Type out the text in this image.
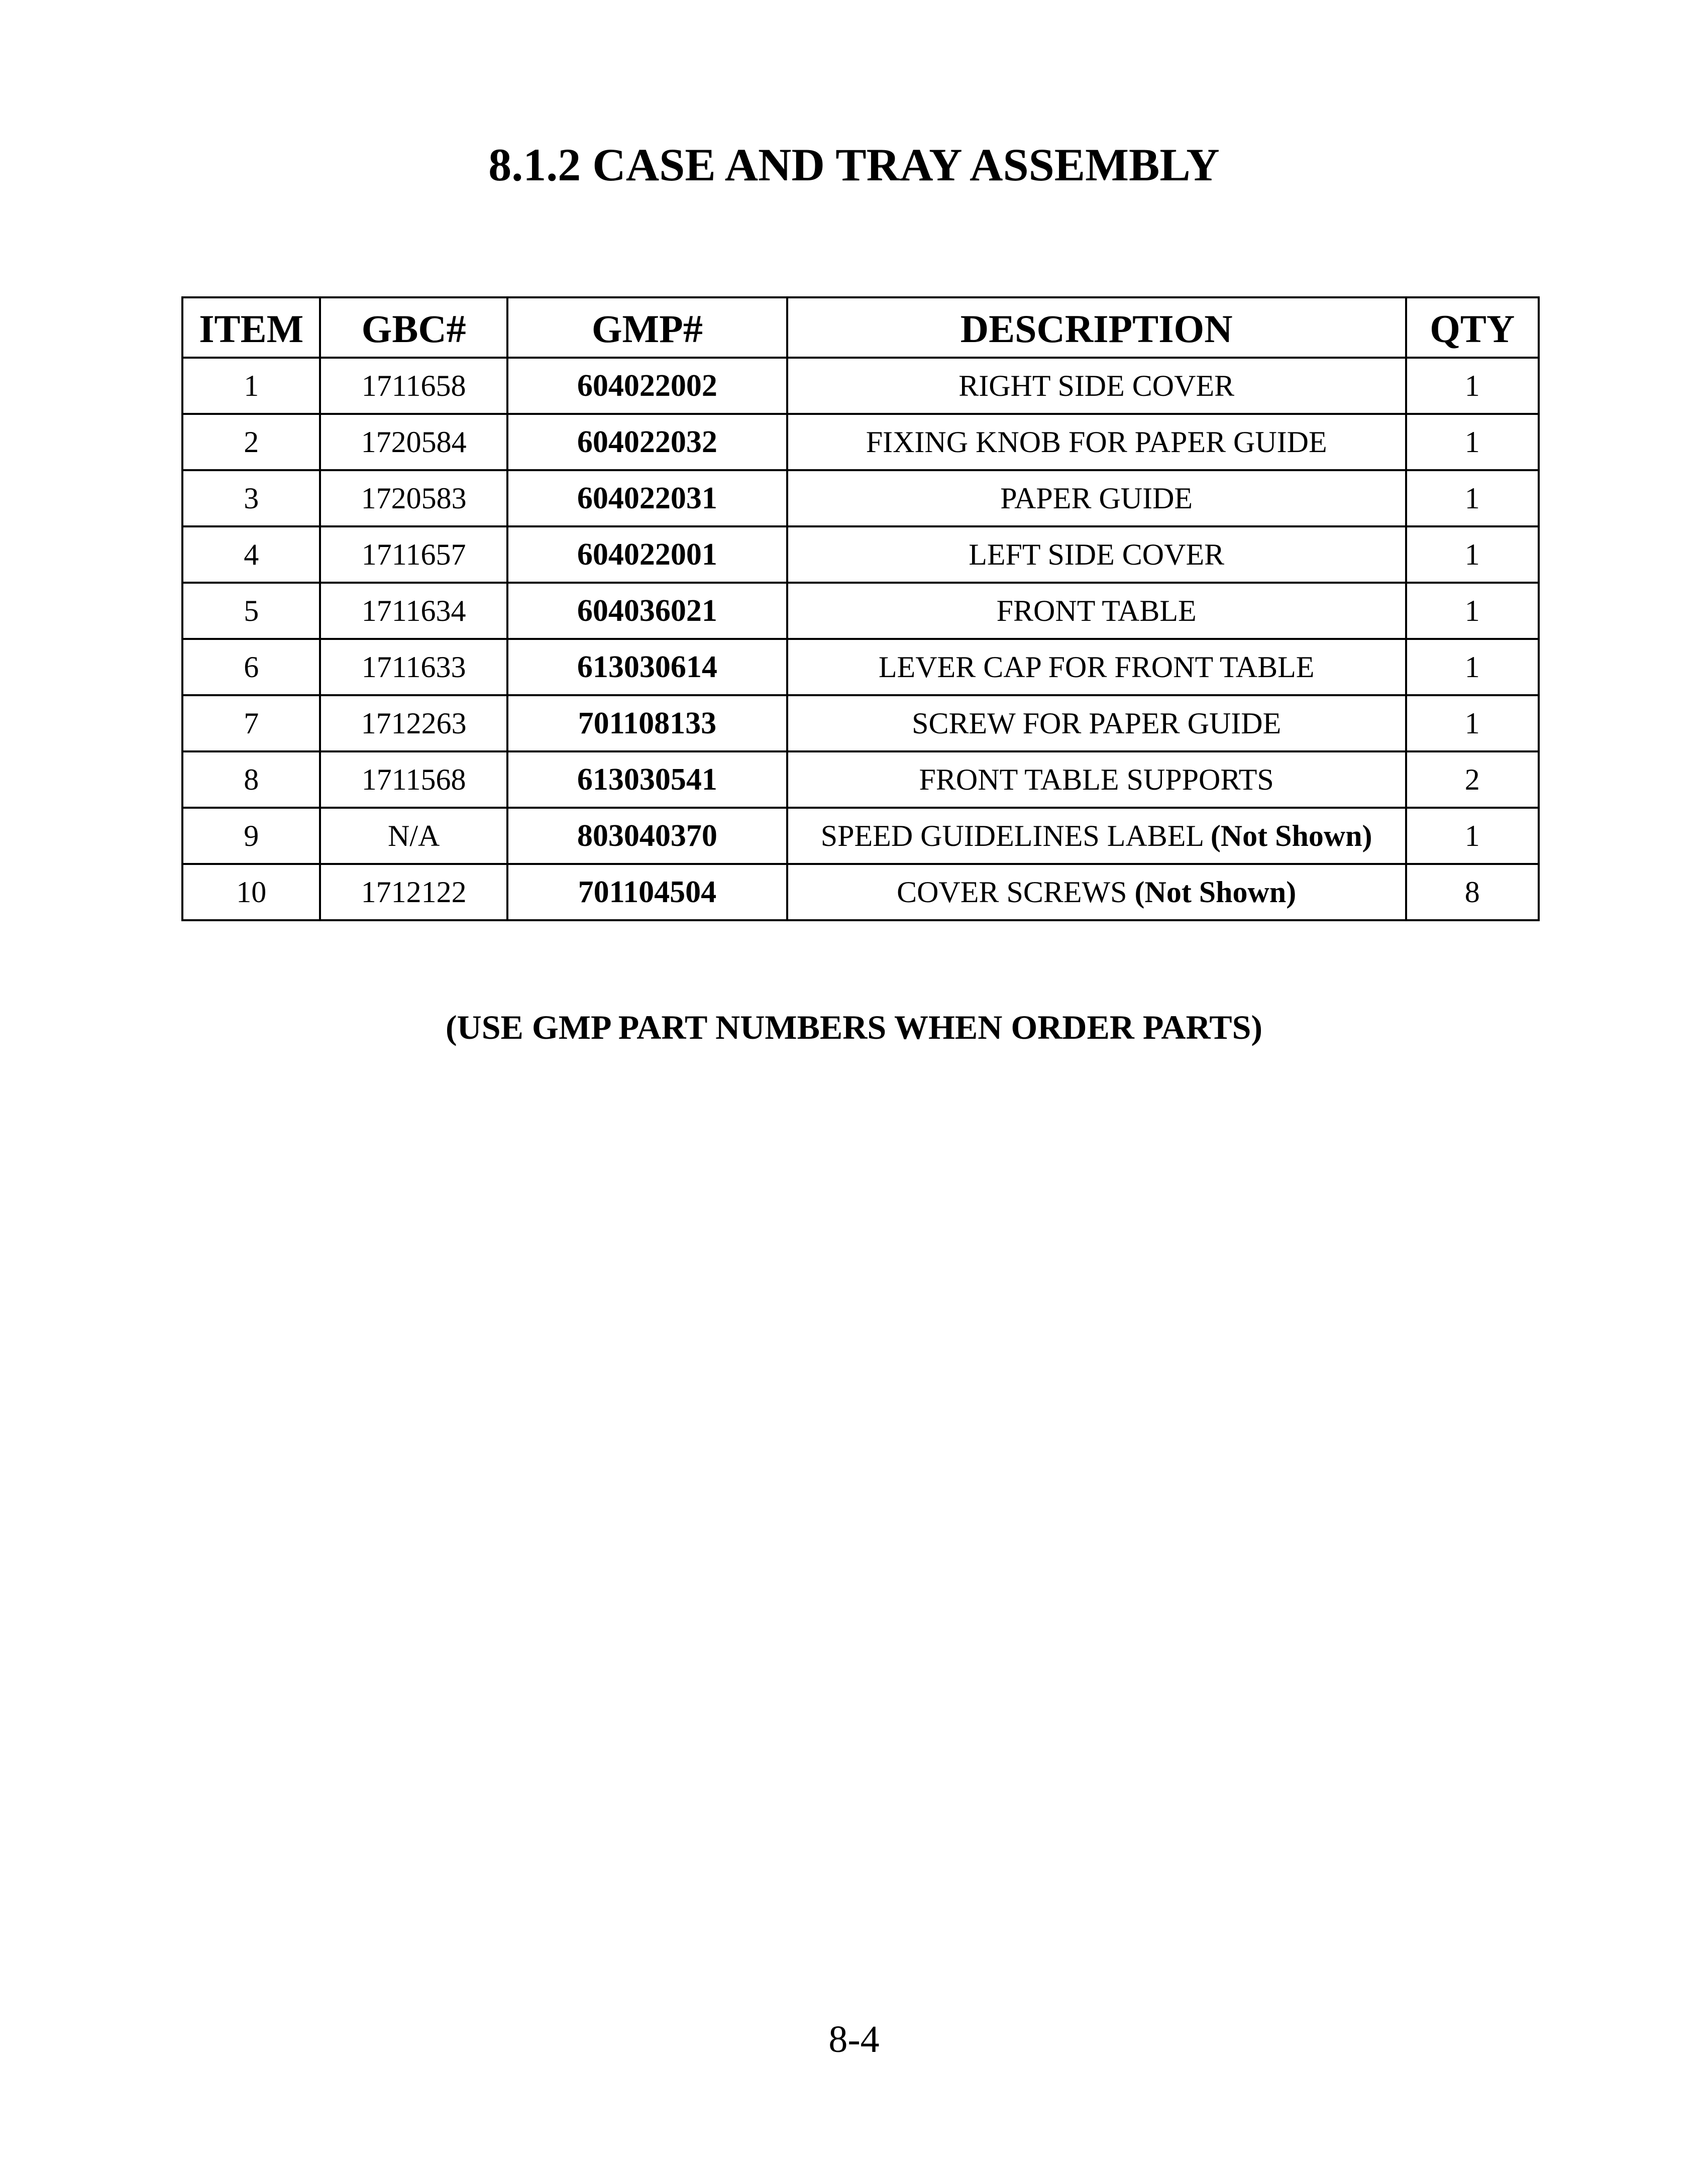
8.1.2 CASE AND TRAY ASSEMBLY
ITEM	GBC#	GMP#	DESCRIPTION	QTY
1	1711658	604022002	RIGHT SIDE COVER	1
2	1720584	604022032	FIXING KNOB FOR PAPER GUIDE	1
3	1720583	604022031	PAPER GUIDE	1
4	1711657	604022001	LEFT SIDE COVER	1
5	1711634	604036021	FRONT TABLE	1
6	1711633	613030614	LEVER CAP FOR FRONT TABLE	1
7	1712263	701108133	SCREW FOR PAPER GUIDE	1
8	1711568	613030541	FRONT TABLE SUPPORTS	2
9	N/A	803040370	SPEED GUIDELINES LABEL (Not Shown)	1
10	1712122	701104504	COVER SCREWS (Not Shown)	8

(USE GMP PART NUMBERS WHEN ORDER PARTS)

8-4
